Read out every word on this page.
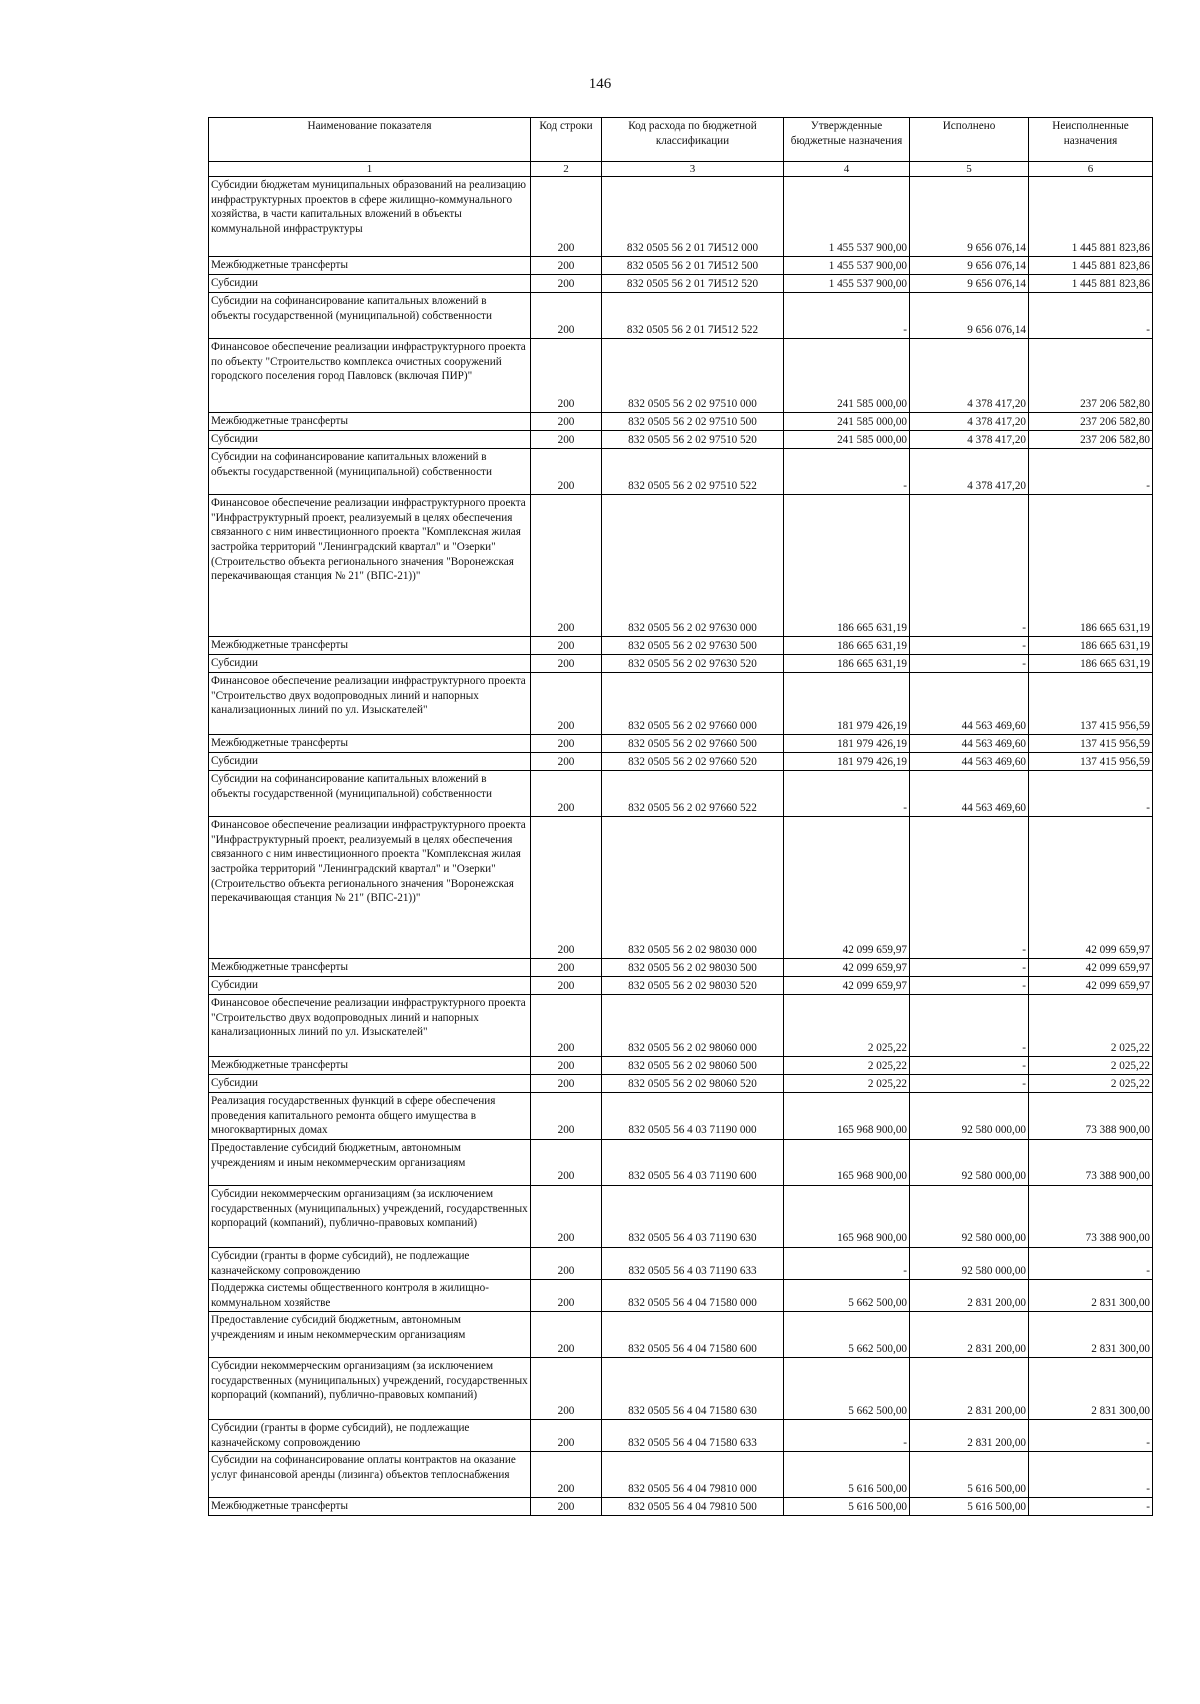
146
Наименование показателя	Код строки	Код расхода по бюджетной классификации	Утвержденные бюджетные назначения	Исполнено	Неисполненные назначения
1	2	3	4	5	6
Субсидии бюджетам муниципальных образований на реализацию инфраструктурных проектов в сфере жилищно-коммунального хозяйства, в части капитальных вложений в объекты коммунальной инфраструктуры	200	832 0505 56 2 01 7И512 000	1 455 537 900,00	9 656 076,14	1 445 881 823,86
Межбюджетные трансферты	200	832 0505 56 2 01 7И512 500	1 455 537 900,00	9 656 076,14	1 445 881 823,86
Субсидии	200	832 0505 56 2 01 7И512 520	1 455 537 900,00	9 656 076,14	1 445 881 823,86
Субсидии на софинансирование капитальных вложений в объекты государственной (муниципальной) собственности	200	832 0505 56 2 01 7И512 522	-	9 656 076,14	-
Финансовое обеспечение реализации инфраструктурного проекта по объекту "Строительство комплекса очистных сооружений городского поселения город Павловск (включая ПИР)"	200	832 0505 56 2 02 97510 000	241 585 000,00	4 378 417,20	237 206 582,80
Межбюджетные трансферты	200	832 0505 56 2 02 97510 500	241 585 000,00	4 378 417,20	237 206 582,80
Субсидии	200	832 0505 56 2 02 97510 520	241 585 000,00	4 378 417,20	237 206 582,80
Субсидии на софинансирование капитальных вложений в объекты государственной (муниципальной) собственности	200	832 0505 56 2 02 97510 522	-	4 378 417,20	-
Финансовое обеспечение реализации инфраструктурного проекта "Инфраструктурный проект, реализуемый в целях обеспечения связанного с ним инвестиционного проекта "Комплексная жилая застройка территорий "Ленинградский квартал" и "Озерки" (Строительство объекта регионального значения "Воронежская перекачивающая станция № 21" (ВПС-21))"	200	832 0505 56 2 02 97630 000	186 665 631,19	-	186 665 631,19
Межбюджетные трансферты	200	832 0505 56 2 02 97630 500	186 665 631,19	-	186 665 631,19
Субсидии	200	832 0505 56 2 02 97630 520	186 665 631,19	-	186 665 631,19
Финансовое обеспечение реализации инфраструктурного проекта "Строительство двух водопроводных линий и напорных канализационных линий по ул. Изыскателей"	200	832 0505 56 2 02 97660 000	181 979 426,19	44 563 469,60	137 415 956,59
Межбюджетные трансферты	200	832 0505 56 2 02 97660 500	181 979 426,19	44 563 469,60	137 415 956,59
Субсидии	200	832 0505 56 2 02 97660 520	181 979 426,19	44 563 469,60	137 415 956,59
Субсидии на софинансирование капитальных вложений в объекты государственной (муниципальной) собственности	200	832 0505 56 2 02 97660 522	-	44 563 469,60	-
Финансовое обеспечение реализации инфраструктурного проекта "Инфраструктурный проект, реализуемый в целях обеспечения связанного с ним инвестиционного проекта "Комплексная жилая застройка территорий "Ленинградский квартал" и "Озерки" (Строительство объекта регионального значения "Воронежская перекачивающая станция № 21" (ВПС-21))"	200	832 0505 56 2 02 98030 000	42 099 659,97	-	42 099 659,97
Межбюджетные трансферты	200	832 0505 56 2 02 98030 500	42 099 659,97	-	42 099 659,97
Субсидии	200	832 0505 56 2 02 98030 520	42 099 659,97	-	42 099 659,97
Финансовое обеспечение реализации инфраструктурного проекта "Строительство двух водопроводных линий и напорных канализационных линий по ул. Изыскателей"	200	832 0505 56 2 02 98060 000	2 025,22	-	2 025,22
Межбюджетные трансферты	200	832 0505 56 2 02 98060 500	2 025,22	-	2 025,22
Субсидии	200	832 0505 56 2 02 98060 520	2 025,22	-	2 025,22
Реализация государственных функций в сфере обеспечения проведения капитального ремонта общего имущества в многоквартирных домах	200	832 0505 56 4 03 71190 000	165 968 900,00	92 580 000,00	73 388 900,00
Предоставление субсидий бюджетным, автономным учреждениям и иным некоммерческим организациям	200	832 0505 56 4 03 71190 600	165 968 900,00	92 580 000,00	73 388 900,00
Субсидии некоммерческим организациям (за исключением государственных (муниципальных) учреждений, государственных корпораций (компаний), публично-правовых компаний)	200	832 0505 56 4 03 71190 630	165 968 900,00	92 580 000,00	73 388 900,00
Субсидии (гранты в форме субсидий), не подлежащие казначейскому сопровождению	200	832 0505 56 4 03 71190 633	-	92 580 000,00	-
Поддержка системы общественного контроля в жилищно-коммунальном хозяйстве	200	832 0505 56 4 04 71580 000	5 662 500,00	2 831 200,00	2 831 300,00
Предоставление субсидий бюджетным, автономным учреждениям и иным некоммерческим организациям	200	832 0505 56 4 04 71580 600	5 662 500,00	2 831 200,00	2 831 300,00
Субсидии некоммерческим организациям (за исключением государственных (муниципальных) учреждений, государственных корпораций (компаний), публично-правовых компаний)	200	832 0505 56 4 04 71580 630	5 662 500,00	2 831 200,00	2 831 300,00
Субсидии (гранты в форме субсидий), не подлежащие казначейскому сопровождению	200	832 0505 56 4 04 71580 633	-	2 831 200,00	-
Субсидии на софинансирование оплаты контрактов на оказание услуг финансовой аренды (лизинга) объектов теплоснабжения	200	832 0505 56 4 04 79810 000	5 616 500,00	5 616 500,00	-
Межбюджетные трансферты	200	832 0505 56 4 04 79810 500	5 616 500,00	5 616 500,00	-
